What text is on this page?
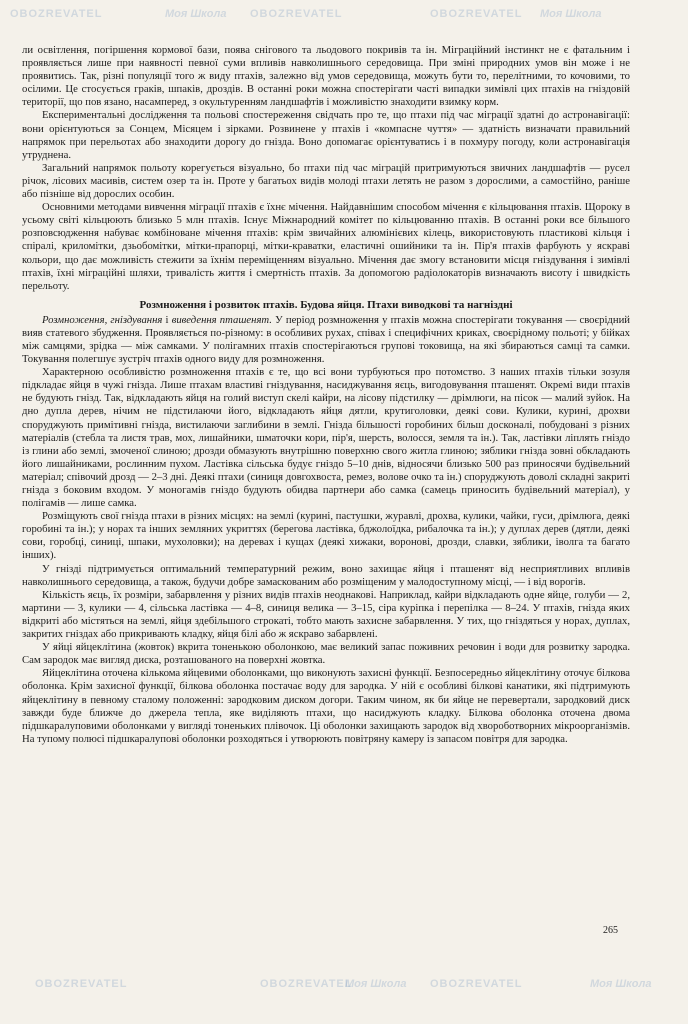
Моя Школа OBOZREVATEL	Моя Школа
OBOZREVATEL	OBOZREVATEL
Моя Школа OBOZREVATEL	Моя Школа
OBOZREVATEL	OBOZREVATEL

ли освітлення, погіршення кормової бази, поява снігового та льодового покривів та ін. Міграційний інстинкт не є фатальним і проявляється лише при наявності певної суми впливів навколишнього середовища. При зміні природних умов він може і не проявитись. Так, різні популяції того ж виду птахів, залежно від умов середовища, можуть бути то, перелітними, то кочовими, то осілими. Це стосується граків, шпаків, дроздів. В останні роки можна спостерігати часті випадки зимівлі цих птахів на гніздовій території, що пов язано, насамперед, з окультуренням ландшафтів і можливістю знаходити взимку корм.

Експериментальні дослідження та польові спостереження свідчать про те, що птахи під час міграції здатні до астронавігації: вони орієнтуються за Сонцем, Місяцем і зірками. Розвинене у птахів і «компасне чуття» — здатність визначати правильний напрямок при перельотах або знаходити дорогу до гнізда. Воно допомагає орієнтуватись і в похмуру погоду, коли астронавігація утруднена.

Загальний напрямок польоту корегується візуально, бо птахи під час міграцій притримуються звичних ландшафтів — русел річок, лісових масивів, систем озер та ін. Проте у багатьох видів молоді птахи летять не разом з дорослими, а самостійно, раніше або пізніше від дорослих особин.

Основними методами вивчення міграції птахів є їхнє мічення. Найдавнішим способом мічення є кільцювання птахів. Щороку в усьому світі кільцюють близько 5 млн птахів. Існує Міжнародний комітет по кільцюванню птахів. В останні роки все більшого розповсюдження набуває комбіноване мічення птахів: крім звичайних алюмінієвих кілець, використовують пластикові кільця і спіралі, криломітки, дзьобомітки, мітки-прапорці, мітки-краватки, еластичні ошийники та ін. Пір'я птахів фарбують у яскраві кольори, що дає можливість стежити за їхнім переміщенням візуально. Мічення дає змогу встановити місця гніздування і зимівлі птахів, їхні міграційні шляхи, тривалість життя і смертність птахів. За допомогою радіолокаторів визначають висоту і швидкість перельоту.

Розмноження і розвиток птахів. Будова яйця. Птахи виводкові та нагніздні

Розмноження, гніздування і виведення пташенят. У період розмноження у птахів можна спостерігати токування — своєрідний вияв статевого збудження. Проявляється по-різному: в особливих рухах, співах і специфічних криках, своєрідному польоті; у бійках між самцями, зрідка — між самками. У полігамних птахів спостерігаються групові токовища, на які збираються самці та самки. Токування полегшує зустріч птахів одного виду для розмноження.

Характерною особливістю розмноження птахів є те, що всі вони турбуються про потомство. З наших птахів тільки зозуля підкладає яйця в чужі гнізда. Лише птахам властиві гніздування, насиджування яєць, вигодовування пташенят. Окремі види птахів не будують гнізд. Так, відкладають яйця на голий виступ скелі кайри, на лісову підстилку — дрімлюги, на пісок — малий зуйок. На дно дупла дерев, нічим не підстилаючи його, відкладають яйця дятли, крутиголовки, деякі сови. Кулики, курині, дрохви споруджують примітивні гнізда, вистилаючи заглибини в землі. Гнізда більшості горобиних більш досконалі, побудовані з різних матеріалів (стебла та листя трав, мох, лишайники, шматочки кори, пір'я, шерсть, волосся, земля та ін.). Так, ластівки ліплять гніздо із глини або землі, змоченої слиною; дрозди обмазують внутрішню поверхню свого житла глиною; зяблики гнізда зовні обкладають його лишайниками, рослинним пухом. Ластівка сільська будує гніздо 5–10 днів, відносячи близько 500 раз приносячи будівельний матеріал; співочий дрозд — 2–3 дні. Деякі птахи (синиця довгохвоста, ремез, волове очко та ін.) споруджують доволі складні закриті гнізда з боковим входом. У моногамів гніздо будують обидва партнери або самка (самець приносить будівельний матеріал), у полігамів — лише самка.

Розміщують свої гнізда птахи в різних місцях: на землі (курині, пастушки, журавлі, дрохва, кулики, чайки, гуси, дрімлюга, деякі горобині та ін.); у норах та інших земляних укриттях (берегова ластівка, бджолоїдка, рибалочка та ін.); у дуплах дерев (дятли, деякі сови, горобці, синиці, шпаки, мухоловки); на деревах і кущах (деякі хижаки, воронові, дрозди, славки, зяблики, іволга та багато інших).

У гнізді підтримується оптимальний температурний режим, воно захищає яйця і пташенят від несприятливих впливів навколишнього середовища, а також, будучи добре замаскованим або розміщеним у малодоступному місці, — і від ворогів.

Кількість яєць, їх розміри, забарвлення у різних видів птахів неоднакові. Наприклад, кайри відкладають одне яйце, голуби — 2, мартини — 3, кулики — 4, сільська ластівка — 4–8, синиця велика — 3–15, сіра куріпка і перепілка — 8–24. У птахів, гнізда яких відкриті або містяться на землі, яйця здебільшого строкаті, тобто мають захисне забарвлення. У тих, що гніздяться у норах, дуплах, закритих гніздах або прикривають кладку, яйця білі або ж яскраво забарвлені.

У яйці яйцеклітина (жовток) вкрита тоненькою оболонкою, має великий запас поживних речовин і води для розвитку зародка. Сам зародок має вигляд диска, розташованого на поверхні жовтка.

Яйцеклітина оточена кількома яйцевими оболонками, що виконують захисні функції. Безпосередньо яйцеклітину оточує білкова оболонка. Крім захисної функції, білкова оболонка постачає воду для зародка. У ній є особливі білкові канатики, які підтримують яйцеклітину в певному сталому положенні: зародковим диском догори. Таким чином, як би яйце не перевертали, зародковий диск завжди буде ближче до джерела тепла, яке виділяють птахи, що насиджують кладку. Білкова оболонка оточена двома підшкаралуповими оболонками у вигляді тоненьких плівочок. Ці оболонки захищають зародок від хвороботворних мікроорганізмів. На тупому полюсі підшкаралупові оболонки розходяться і утворюють повітряну камеру із запасом повітря для зародка.

265
